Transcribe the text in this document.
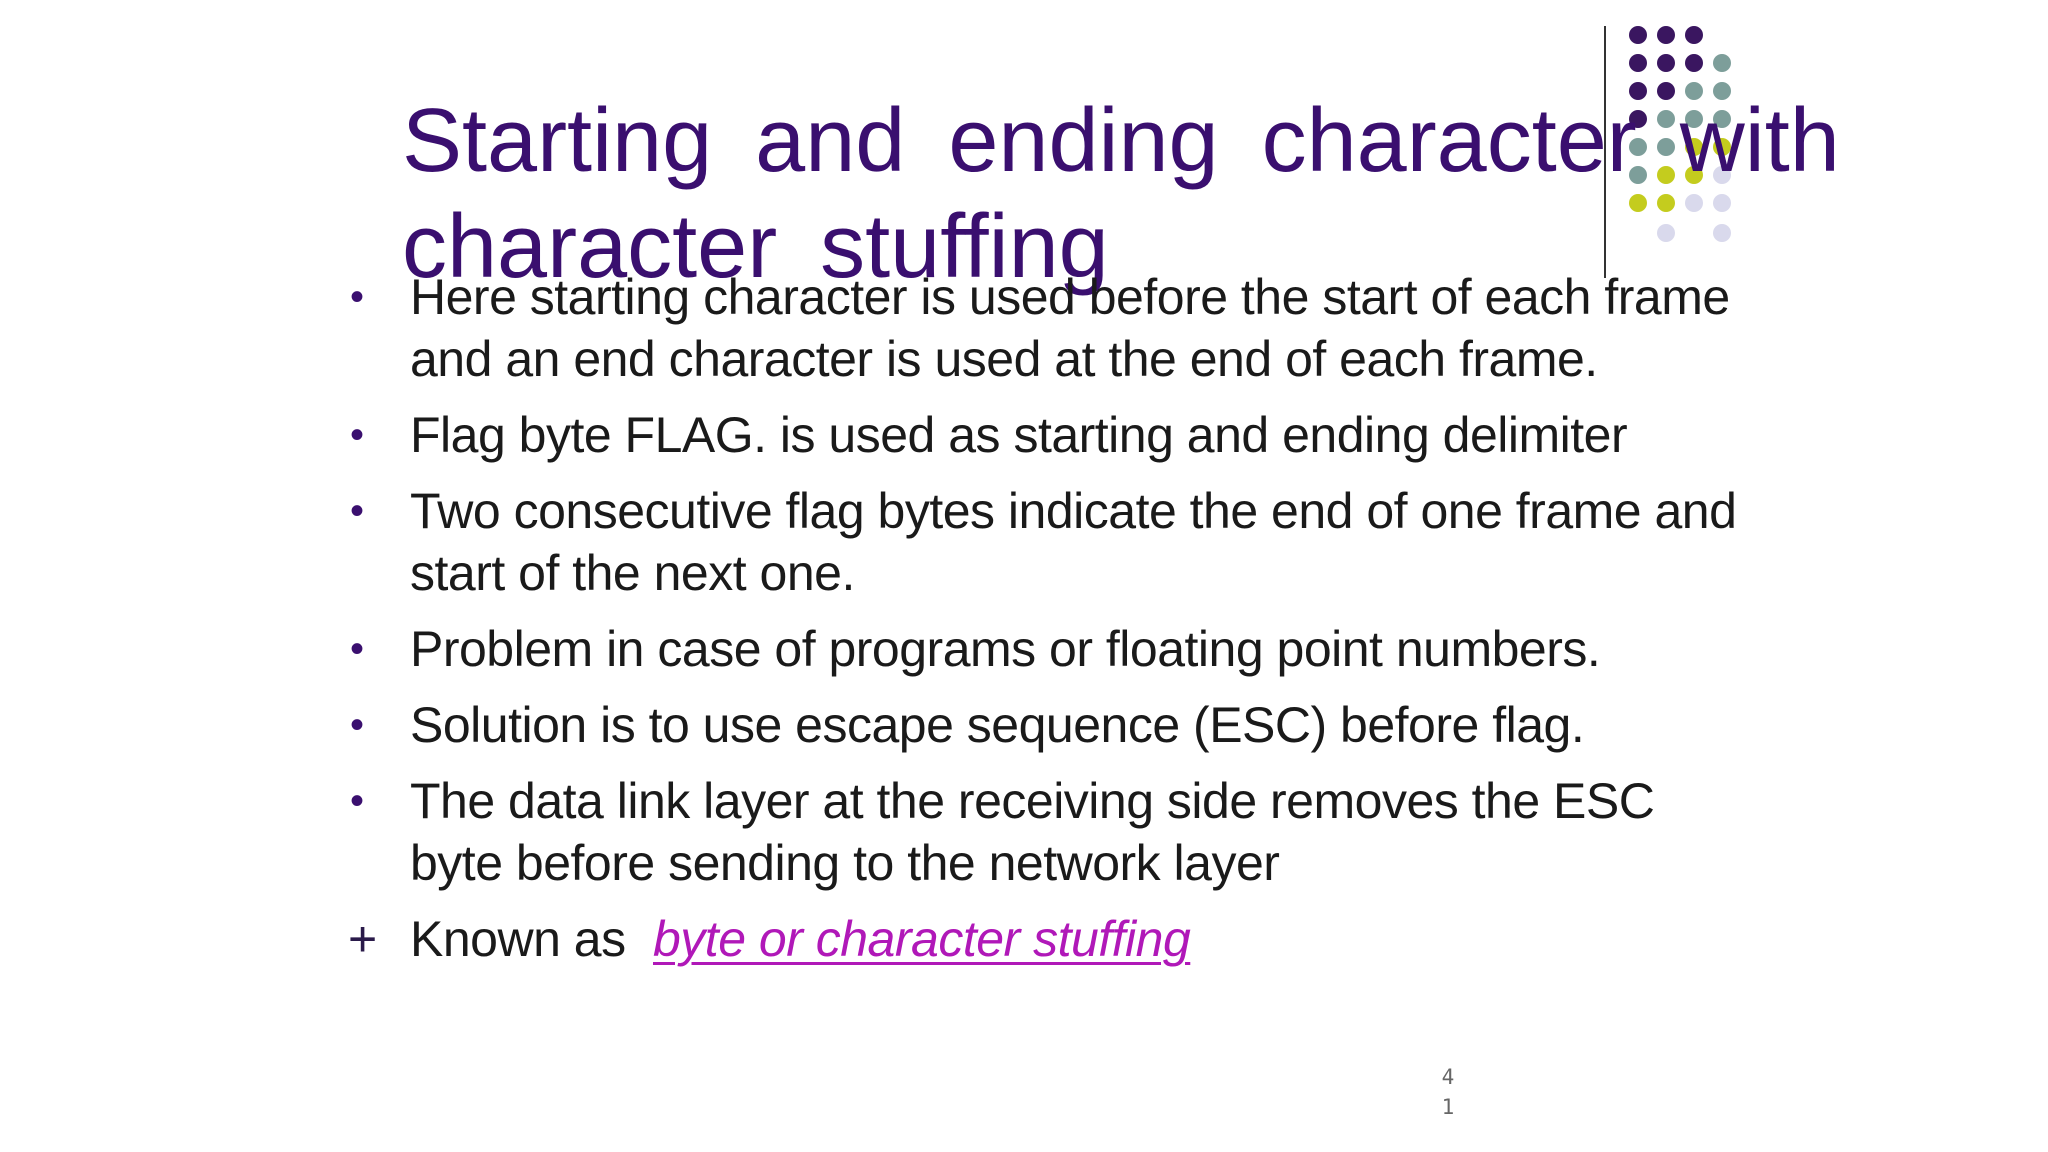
Starting and ending character with character stuffing
• Here starting character is used before the start of each frame and an end character is used at the end of each frame.
• Flag byte FLAG. is used as starting and ending delimiter
• Two consecutive flag bytes indicate the end of one frame and start of the next one.
• Problem in case of programs or floating point numbers.
• Solution is to use escape sequence (ESC) before flag.
• The data link layer at the receiving side removes the ESC byte before sending to the network layer
+ Known as byte or character stuffing
4
1
